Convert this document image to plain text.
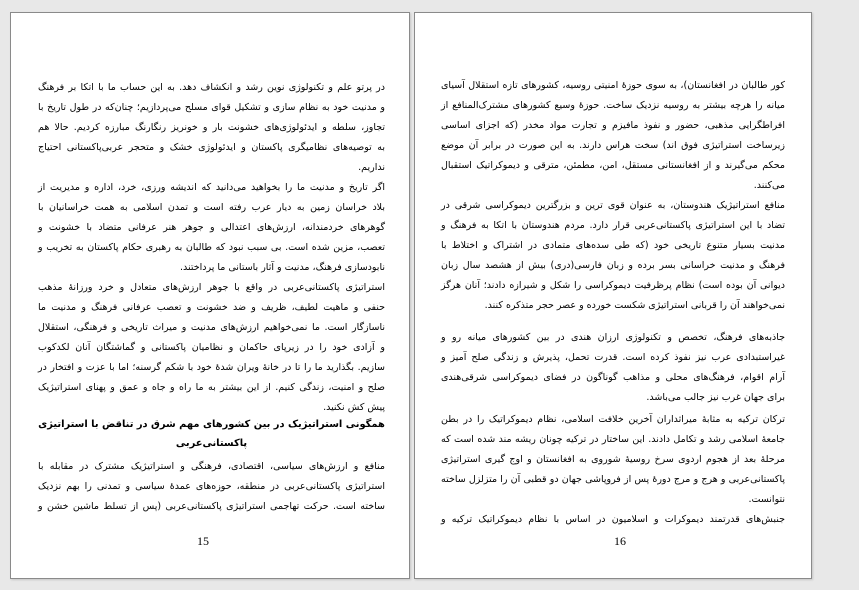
در پرتو علم و تکنولوژی نوین رشد و انکشاف دهد. به این حساب ما با اتکا بر فرهنگ
و مدنیت خود به نظام سازی و تشکیل قوای مسلح می‌پردازیم؛ چنان‌که در طول تاریخ با
تجاوز، سلطه و ایدئولوژی‌های خشونت بار و خونریز رنگارنگ مبارزه کردیم. حالا هم
به توصیه‌های نظامیگری پاکستان و ایدئولوژی خشک و متحجر عربی‌پاکستانی احتیاج
نداریم.
اگر تاریخ و مدنیت ما را بخواهید می‌دانید که اندیشه ورزی، خرد، اداره و مدیریت از
بلاد خراسان زمین به دیار عرب رفته است و تمدن اسلامی به همت خراسانیان با
گوهرهای خردمندانه، ارزش‌های اعتدالی و جوهر هنر عرفانی متضاد با خشونت و
تعصب، مزین شده است. بی سبب نبود که طالبان به رهبری حکام پاکستان به تخریب و
نابودسازی فرهنگ، مدنیت و آثار باستانی ما پرداختند.
استراتیژی پاکستانی‌عربی در واقع با جوهر ارزش‌های متعادل و خرد ورزانۀ مذهب
حنفی و ماهیت لطیف، ظریف و ضد خشونت و تعصب عرفانی فرهنگ و مدنیت ما
ناسازگار است. ما نمی‌خواهیم ارزش‌های مدنیت و میراث تاریخی و فرهنگی، استقلال
و آزادی خود را در زیرپای حاکمان و نظامیان پاکستانی و گماشتگان آنان لکدکوب
سازیم. بگذارید ما را تا در خانۀ ویران شدۀ خود با شکم گرسنه؛ اما با عزت و افتخار در
صلح و امنیت، زندگی کنیم. از این بیشتر به ما راه و جاه و عمق و پهنای استراتیژیک
پیش کش نکنید.
همگونی استراتیژیک در بین کشورهای مهم شرق در تناقض با استراتیژی
پاکستانی‌عربی
منافع و ارزش‌های سیاسی، اقتصادی، فرهنگی و استراتیژیک مشترک در مقابله با
استراتیژی پاکستانی‌عربی در منطقه، حوزه‌های عمدۀ سیاسی و تمدنی را بهم نزدیک
ساخته است. حرکت تهاجمی استراتیژی پاکستانی‌عربی (پس از تسلط ماشین خشن و
15
کور طالبان در افغانستان)، به سوی حوزۀ امنیتی روسیه، کشورهای تازه استقلال آسیای
میانه را هرچه بیشتر به روسیه نزدیک ساخت. حوزۀ وسیع کشورهای مشترک‌المنافع از
افراطگرایی مذهبی، حضور و نفوذ مافیزم و تجارت مواد مخدر (که اجزای اساسی
زیرساخت استراتیژی فوق اند) سخت هراس دارند. به این صورت در برابر آن موضع
محکم می‌گیرند و از افغانستانی مستقل، امن، مطمئن، مترقی و دیموکراتیک استقبال
می‌کنند.
منافع استراتیژیک هندوستان، به عنوان قوی ترین و بزرگترین دیموکراسی شرقی در
تضاد با این استراتیژی پاکستانی‌عربی قرار دارد. مردم هندوستان با اتکا به فرهنگ و
مدنیت بسیار متنوع تاریخی خود (که طی سده‌های متمادی در اشتراک و اختلاط با
فرهنگ و مدنیت خراسانی بسر برده و زبان فارسی(دری) بیش از هشصد سال زبان
دیوانی آن بوده است) نظام پرظرفیت دیموکراسی را شکل و شیرازه دادند؛ آنان هرگز
نمی‌خواهند آن را قربانی استراتیژی شکست خورده و عصر حجر متذکره کنند.
جاذبه‌های فرهنگ، تخصص و تکنولوژی ارزان هندی در بین کشورهای میانه رو و
غیراستبدادی عرب نیز نفوذ کرده است. قدرت تحمل، پذیرش و زندگی صلح آمیز و
آرام اقوام، فرهنگ‌های محلی و مذاهب گوناگون در فضای دیموکراسی شرقی‌هندی
برای جهان غرب نیز جالب می‌باشد.
ترکان ترکیه به مثابۀ میراثداران آخرین خلافت اسلامی، نظام دیموکراتیک را در بطن
جامعۀ اسلامی رشد و تکامل دادند. این ساختار در ترکیه چونان ریشه مند شده است که
مرحلۀ بعد از هجوم اردوی سرخ روسیۀ شوروی به افغانستان و اوج گیری استراتیژی
پاکستانی‌عربی و هرج و مرج دورۀ پس از فروپاشی جهان دو قطبی آن را متزلزل ساخته
نتوانست.
جنبش‌های قدرتمند دیموکرات و اسلامیون در اساس با نظام دیموکراتیک ترکیه و
16
